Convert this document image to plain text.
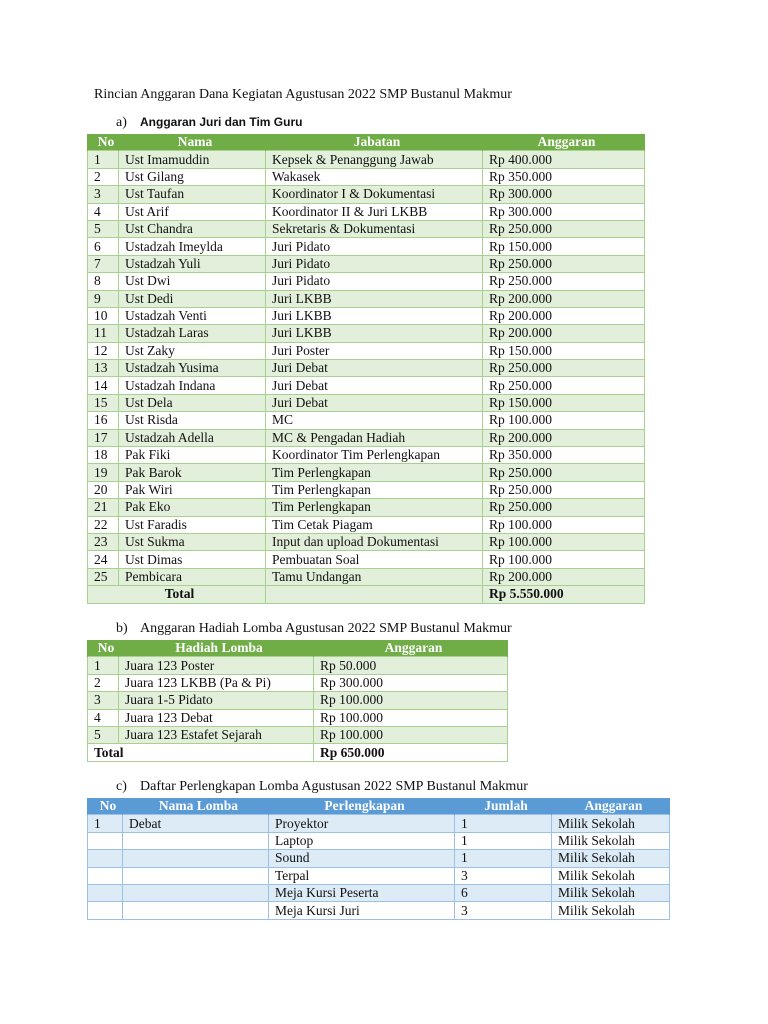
Rincian Anggaran Dana Kegiatan Agustusan 2022 SMP Bustanul Makmur
a) Anggaran Juri dan Tim Guru
No	Nama	Jabatan	Anggaran
1	Ust Imamuddin	Kepsek & Penanggung Jawab	Rp 400.000
2	Ust Gilang	Wakasek	Rp 350.000
3	Ust Taufan	Koordinator I & Dokumentasi	Rp 300.000
4	Ust Arif	Koordinator II & Juri LKBB	Rp 300.000
5	Ust Chandra	Sekretaris & Dokumentasi	Rp 250.000
6	Ustadzah Imeylda	Juri Pidato	Rp 150.000
7	Ustadzah Yuli	Juri Pidato	Rp 250.000
8	Ust Dwi	Juri Pidato	Rp 250.000
9	Ust Dedi	Juri LKBB	Rp 200.000
10	Ustadzah Venti	Juri LKBB	Rp 200.000
11	Ustadzah Laras	Juri LKBB	Rp 200.000
12	Ust Zaky	Juri Poster	Rp 150.000
13	Ustadzah Yusima	Juri Debat	Rp 250.000
14	Ustadzah Indana	Juri Debat	Rp 250.000
15	Ust Dela	Juri Debat	Rp 150.000
16	Ust Risda	MC	Rp 100.000
17	Ustadzah Adella	MC & Pengadan Hadiah	Rp 200.000
18	Pak Fiki	Koordinator Tim Perlengkapan	Rp 350.000
19	Pak Barok	Tim Perlengkapan	Rp 250.000
20	Pak Wiri	Tim Perlengkapan	Rp 250.000
21	Pak Eko	Tim Perlengkapan	Rp 250.000
22	Ust Faradis	Tim Cetak Piagam	Rp 100.000
23	Ust Sukma	Input dan upload Dokumentasi	Rp 100.000
24	Ust Dimas	Pembuatan Soal	Rp 100.000
25	Pembicara	Tamu Undangan	Rp 200.000
Total			Rp 5.550.000
b) Anggaran Hadiah Lomba Agustusan 2022 SMP Bustanul Makmur
No	Hadiah Lomba	Anggaran
1	Juara 123 Poster	Rp 50.000
2	Juara 123 LKBB (Pa & Pi)	Rp 300.000
3	Juara 1-5 Pidato	Rp 100.000
4	Juara 123 Debat	Rp 100.000
5	Juara 123 Estafet Sejarah	Rp 100.000
Total		Rp 650.000
c) Daftar Perlengkapan Lomba Agustusan 2022 SMP Bustanul Makmur
No	Nama Lomba	Perlengkapan	Jumlah	Anggaran
1	Debat	Proyektor	1	Milik Sekolah
		Laptop	1	Milik Sekolah
		Sound	1	Milik Sekolah
		Terpal	3	Milik Sekolah
		Meja Kursi Peserta	6	Milik Sekolah
		Meja Kursi Juri	3	Milik Sekolah
